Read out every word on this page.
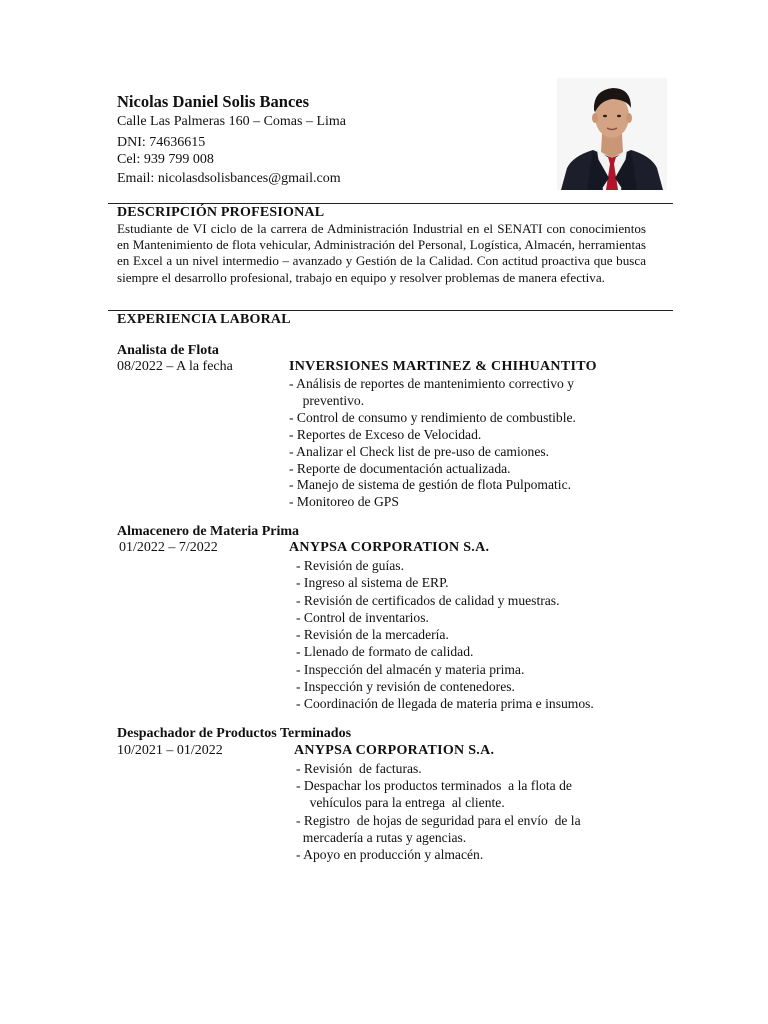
Nicolas Daniel Solis Bances
Calle Las Palmeras 160 – Comas – Lima
DNI: 74636615
Cel: 939 799 008
Email: nicolasdsolisbances@gmail.com
DESCRIPCIÓN PROFESIONAL

Estudiante de VI ciclo de la carrera de Administración Industrial en el SENATI con conocimientos en Mantenimiento de flota vehicular, Administración del Personal, Logística, Almacén, herramientas en Excel a un nivel intermedio – avanzado y Gestión de la Calidad. Con actitud proactiva que busca siempre el desarrollo profesional, trabajo en equipo y resolver problemas de manera efectiva.

EXPERIENCIA LABORAL
Analista de Flota
08/2022 – A la fecha	INVERSIONES MARTINEZ & CHIHUANTITO
- Análisis de reportes de mantenimiento correctivo y
preventivo.
- Control de consumo y rendimiento de combustible.
- Reportes de Exceso de Velocidad.
- Analizar el Check list de pre-uso de camiones.
- Reporte de documentación actualizada.
- Manejo de sistema de gestión de flota Pulpomatic.
- Monitoreo de GPS
Almacenero de Materia Prima
01/2022 – 7/2022	ANYPSA CORPORATION S.A.
- Revisión de guías.
- Ingreso al sistema de ERP.
- Revisión de certificados de calidad y muestras.
- Control de inventarios.
- Revisión de la mercadería.
- Llenado de formato de calidad.
- Inspección del almacén y materia prima.
- Inspección y revisión de contenedores.
- Coordinación de llegada de materia prima e insumos.
Despachador de Productos Terminados
10/2021 – 01/2022	ANYPSA CORPORATION S.A.
- Revisión  de facturas.
- Despachar los productos terminados  a la flota de
vehículos para la entrega  al cliente.
- Registro  de hojas de seguridad para el envío  de la
mercadería a rutas y agencias.
- Apoyo en producción y almacén.
